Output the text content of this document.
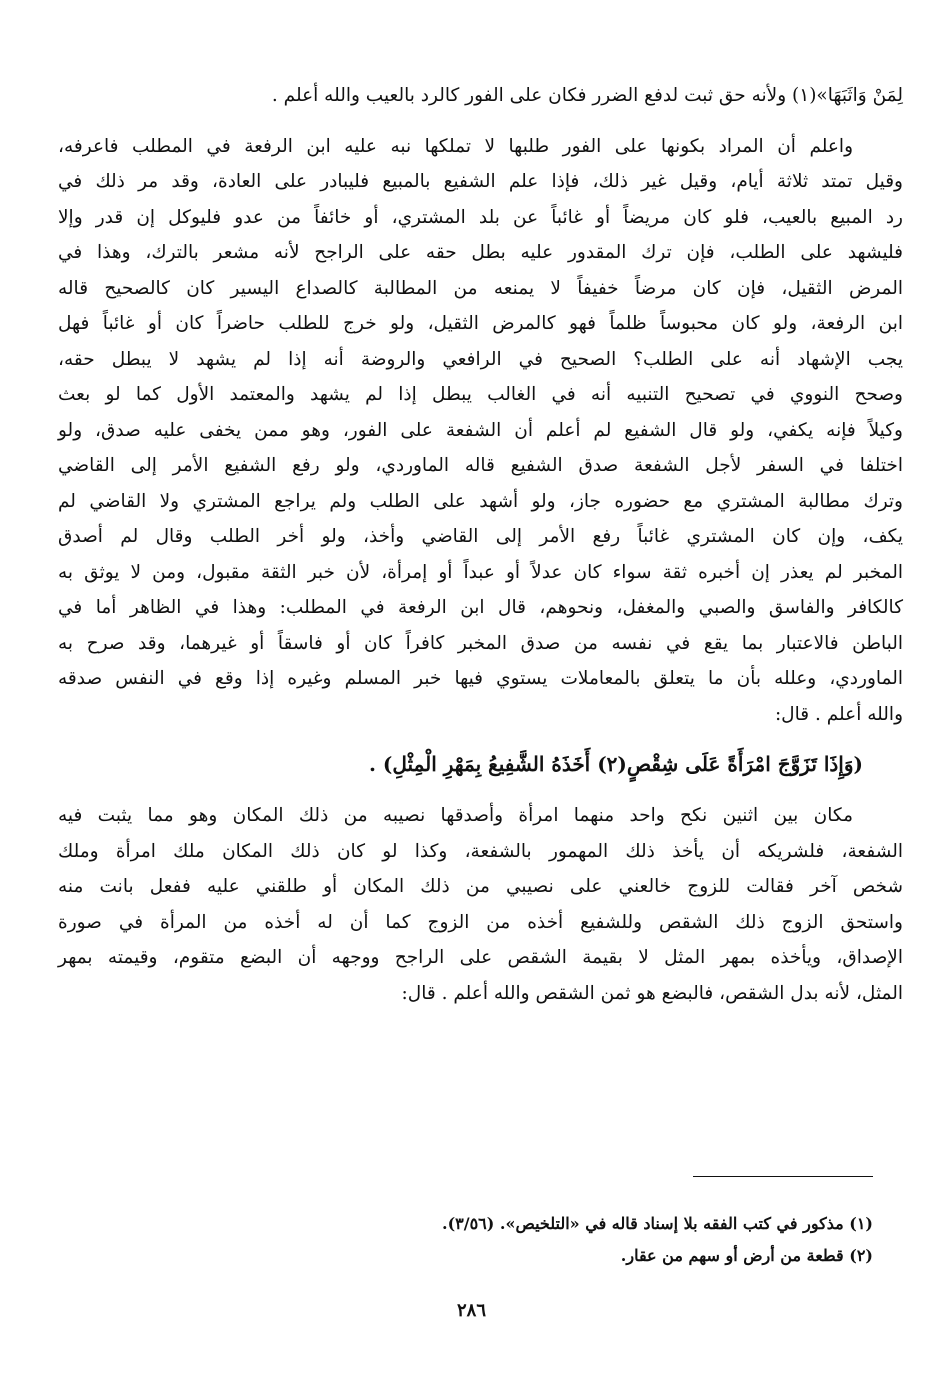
لِمَنْ وَاثَبَهَا»(١) ولأنه حق ثبت لدفع الضرر فكان على الفور كالرد بالعيب والله أعلم .
واعلم أن المراد بكونها على الفور طلبها لا تملكها نبه عليه ابن الرفعة في المطلب فاعرفه،
وقيل تمتد ثلاثة أيام، وقيل غير ذلك، فإذا علم الشفيع بالمبيع فليبادر على العادة، وقد مر ذلك في
رد المبيع بالعيب، فلو كان مريضاً أو غائباً عن بلد المشتري، أو خائفاً من عدو فليوكل إن قدر وإلا
فليشهد على الطلب، فإن ترك المقدور عليه بطل حقه على الراجح لأنه مشعر بالترك، وهذا في
المرض الثقيل، فإن كان مرضاً خفيفاً لا يمنعه من المطالبة كالصداع اليسير كان كالصحيح قاله
ابن الرفعة، ولو كان محبوساً ظلماً فهو كالمرض الثقيل، ولو خرج للطلب حاضراً كان أو غائباً فهل
يجب الإشهاد أنه على الطلب؟ الصحيح في الرافعي والروضة أنه إذا لم يشهد لا يبطل حقه،
وصحح النووي في تصحيح التنبيه أنه في الغالب يبطل إذا لم يشهد والمعتمد الأول كما لو بعث
وكيلاً فإنه يكفي، ولو قال الشفيع لم أعلم أن الشفعة على الفور، وهو ممن يخفى عليه صدق، ولو
اختلفا في السفر لأجل الشفعة صدق الشفيع قاله الماوردي، ولو رفع الشفيع الأمر إلى القاضي
وترك مطالبة المشتري مع حضوره جاز، ولو أشهد على الطلب ولم يراجع المشتري ولا القاضي لم
يكف، وإن كان المشتري غائباً رفع الأمر إلى القاضي وأخذ، ولو أخر الطلب وقال لم أصدق
المخبر لم يعذر إن أخبره ثقة سواء كان عدلاً أو عبداً أو إمرأة، لأن خبر الثقة مقبول، ومن لا يوثق به
كالكافر والفاسق والصبي والمغفل، ونحوهم، قال ابن الرفعة في المطلب: وهذا في الظاهر أما في
الباطن فالاعتبار بما يقع في نفسه من صدق المخبر كافراً كان أو فاسقاً أو غيرهما، وقد صرح به
الماوردي، وعلله بأن ما يتعلق بالمعاملات يستوي فيها خبر المسلم وغيره إذا وقع في النفس صدقه
والله أعلم . قال:
(وَإِذَا تَزَوَّجَ امْرَأَةً عَلَى شِقْصٍ(٢) أَخَذَهُ الشَّفِيعُ بِمَهْرِ الْمِثْلِ) .
مكان بين اثنين نكح واحد منهما امرأة وأصدقها نصيبه من ذلك المكان وهو مما يثبت فيه
الشفعة، فلشريكه أن يأخذ ذلك المهمور بالشفعة، وكذا لو كان ذلك المكان ملك امرأة وملك
شخص آخر فقالت للزوج خالعني على نصيبي من ذلك المكان أو طلقني عليه ففعل بانت منه
واستحق الزوج ذلك الشقص وللشفيع أخذه من الزوج كما أن له أخذه من المرأة في صورة
الإصداق، ويأخذه بمهر المثل لا بقيمة الشقص على الراجح ووجهه أن البضع متقوم، وقيمته بمهر
المثل، لأنه بدل الشقص، فالبضع هو ثمن الشقص والله أعلم . قال:
(١) مذكور في كتب الفقه بلا إسناد قاله في «التلخيص». (٣/٥٦).
(٢) قطعة من أرض أو سهم من عقار.
٢٨٦
